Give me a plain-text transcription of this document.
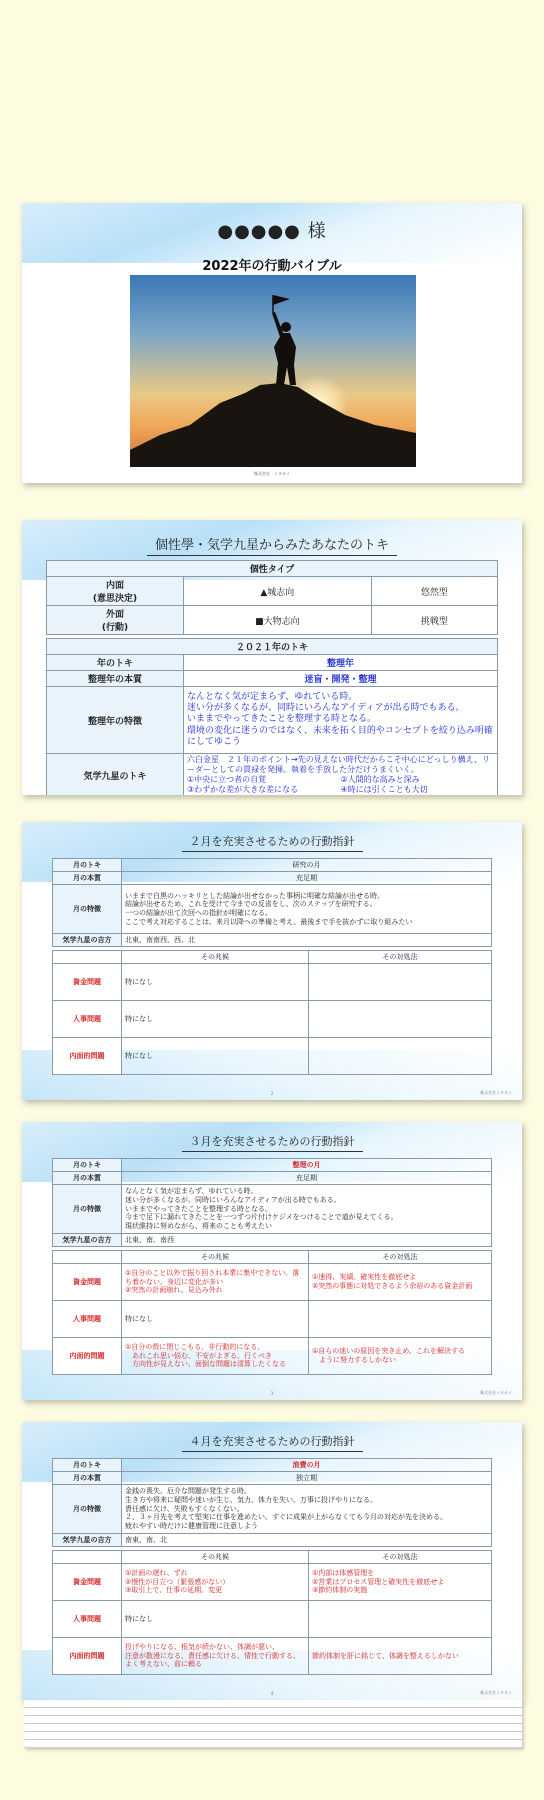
●●●●● 様
2022年の行動バイブル
株式会社　ミタカイ
個性學・気学九星からみたあなたのトキ
個性タイプ		
内面
(意思決定)	▲城志向	悠然型
外面
(行動)	■大物志向	挑戦型

２０２１年のトキ		
年のトキ	整理年	
整理年の本質	迷盲・開発・整理	
整理年の特徴	なんとなく気が定まらず、ゆれている時。
迷い分が多くなるが、同時にいろんなアイディアが出る時でもある。
いままでやってきたことを整理する時となる。
環境の変化に迷うのではなく、未来を拓く目的やコンセプトを絞り込み明確にしてゆこう	
気学九星のトキ	六白金星　２１年のポイント→先の見えない時代だからこそ中心にどっしり構え、リーダーとしての貫禄を発揮。執着を手放した分だけうまくいく。
①中央に立つ者の自覚 ②人間的な高みと深み
③わずかな差が大きな差になる ④時には引くことも大切	
２月を充実させるための行動指針
月のトキ	研究の月	
月の本質	充足期	
月の特徴	いままで白黒のハッキリとした結論が出せなかった事柄に明確な結論が出せる時。
結論が出せるため、これを受けて今までの反省をし、次のステップを研究する。
一つの結論が出て次回への指針が明確になる。
ここで考え対応することは、来月以降への準備と考え、最後まで手を抜かずに取り組みたい	
気学九星の吉方	北東、南南西、西、北	

	その兆候	その対処法
資金問題	特になし	
人事問題	特になし	
内面的問題	特になし	
2	株式会社ミタカイ
３月を充実させるための行動指針
月のトキ	整理の月	
月の本質	充足期	
月の特徴	なんとなく気が定まらず、ゆれている時。
迷い分が多くなるが、同時にいろんなアイディアが出る時でもある。
いままでやってきたことを整理する時となる。
今まで足下に漏れてきたことを一つずつ片付けケジメをつけることで道が見えてくる。
現状維持に努めながら、将来のことも考えたい	
気学九星の吉方	北東、南、南西	

	その兆候	その対処法
資金問題	①自分のこと以外で振り回され本業に集中できない、落ち着かない。身辺に変化が多い
②突然の計画崩れ、見込み外れ	①速得、実績、確実性を徹底せよ
②突然の事態に対処できるよう余裕のある資金計画
人事問題	特になし	
内面的問題	①自分の殻に閉じこもる、非行動的になる、
　あれこれ思い悩む、不安がよぎる、行くべき
　方向性が見えない、面倒な問題は清算したくなる	①自らの迷いの原因を突き止め、これを解決する
　ように努力するしかない
3	株式会社ミタカイ
４月を充実させるための行動指針
月のトキ	浪費の月	
月の本質	独立期	
月の特徴	金銭の喪失、厄介な問題が発生する時。
生き方や将来に疑問や迷いが生じ、気力、体力を失い、万事に投げやりになる。
責任感に欠け、失敗もすくなくない。
２、３ヶ月先を考えて堅実に仕事を進めたい。すぐに成果が上がらなくても今月の対応が先を決める。
疲れやすい時だけに健康管理に注意しよう	
気学九星の吉方	南東、南、北	

	その兆候	その対処法
資金問題	①計画の遅れ、ずれ
②慢性が目立つ（緊張感がない）
③取引上で、仕事の延期、変更	①内部は体感管理を
②営業はプロセス管理と確実性を徹底せよ
③節約体制の実施
人事問題	特になし	
内面的問題	投げやりになる、根気が続かない、体調が悪い、
注意が散漫になる、責任感に欠ける、情性で行動する、
よく考えない、前に頼る	節約体制を肝に銘じて、体調を整えるしかない
4	株式会社ミタカイ
